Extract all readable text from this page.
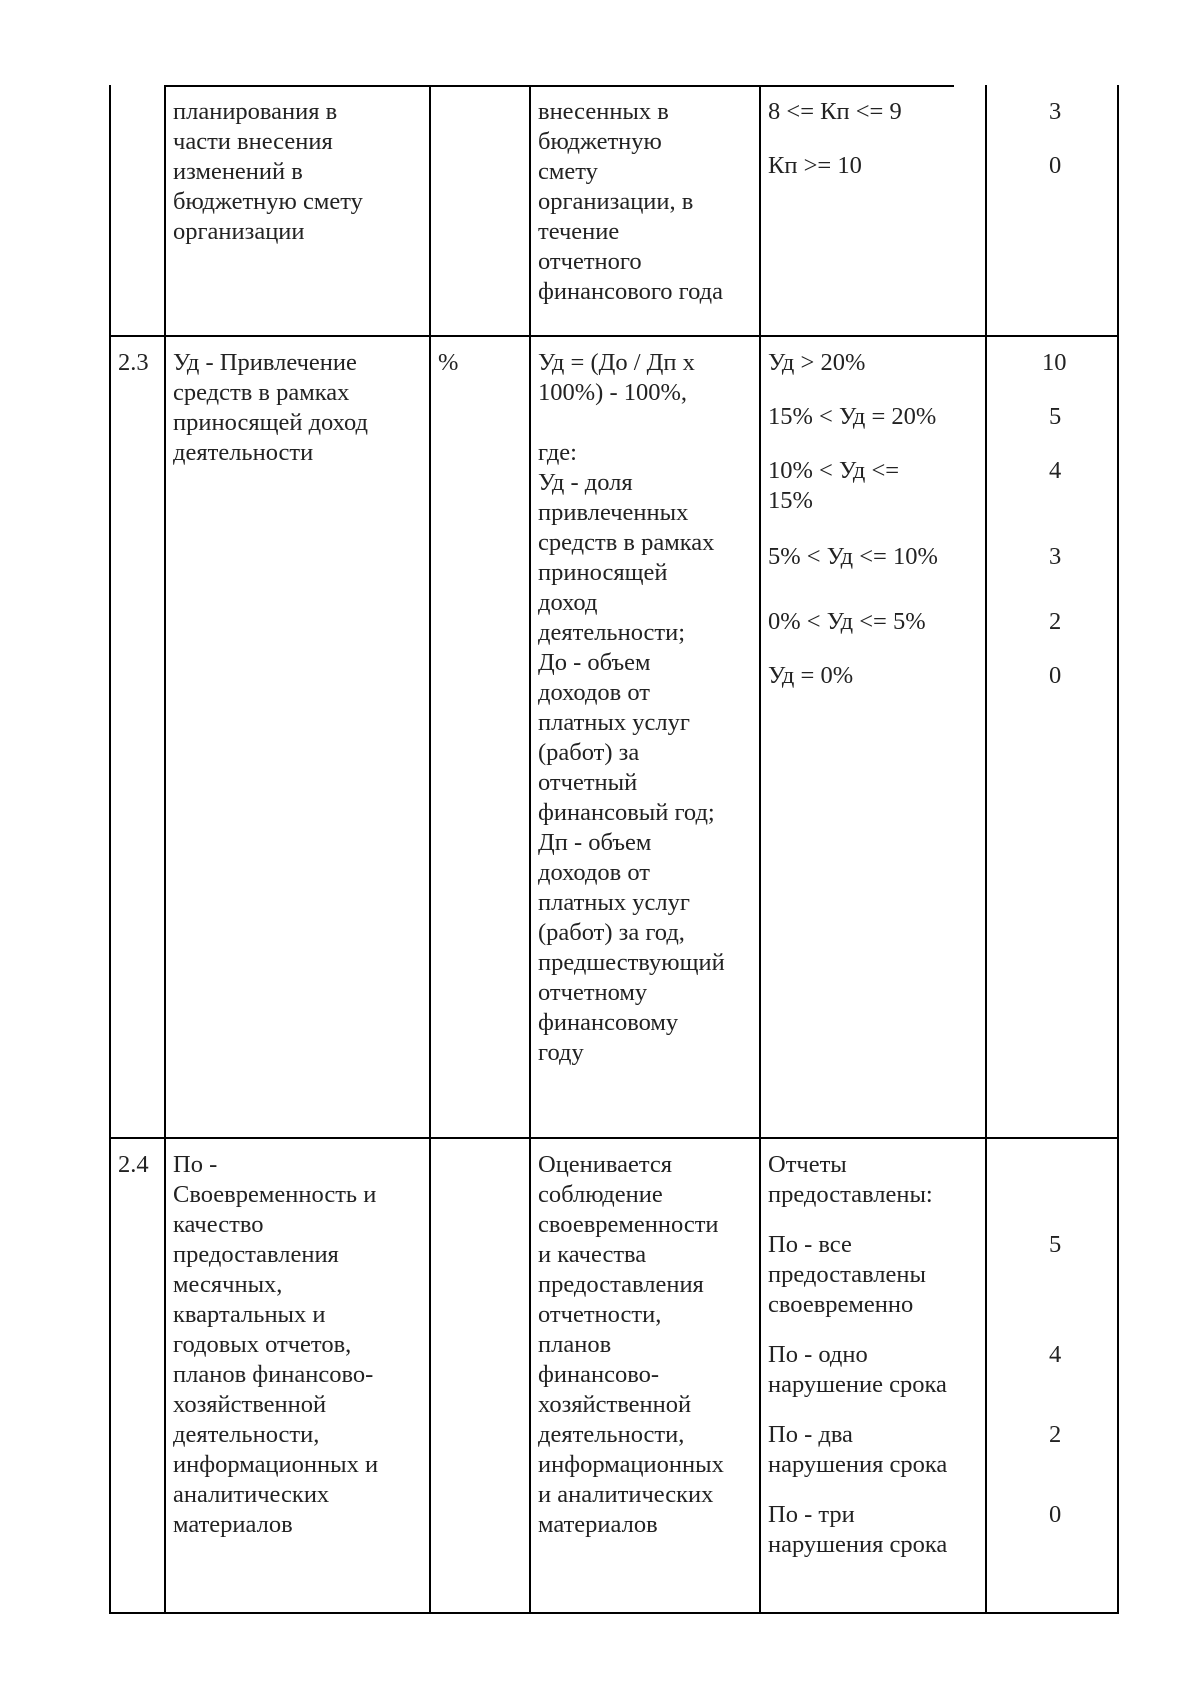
планирования в
части внесения
изменений в
бюджетную смету
организации
внесенных в
бюджетную
смету
организации, в
течение
отчетного
финансового года
8 <= Кп <= 9
Кп >= 10
3
0
2.3 Уд - Привлечение
средств в рамках
приносящей доход
деятельности
%	Уд = (До / Дп х
100%) - 100%,
где:
Уд - доля
привлеченных
средств в рамках
приносящей
доход
деятельности;
До - объем
доходов от
платных услуг
(работ) за
отчетный
финансовый год;
Дп - объем
доходов от
платных услуг
(работ) за год,
предшествующий
отчетному
финансовому
году
Уд > 20%
15% < Уд = 20%
10% < Уд <=
15%
5% < Уд <= 10%
0% < Уд <= 5%
Уд = 0%
10
5
4
3
2
0
2.4 По -
Своевременность и
качество
предоставления
месячных,
квартальных и
годовых отчетов,
планов финансово-
хозяйственной
деятельности,
информационных и
аналитических
материалов
Оценивается
соблюдение
своевременности
и качества
предоставления
отчетности,
планов
финансово-
хозяйственной
деятельности,
информационных
и аналитических
материалов
Отчеты
предоставлены:
По - все
предоставлены
своевременно
По - одно
нарушение срока
По - два
нарушения срока
По - три
нарушения срока
5
4
2
0
